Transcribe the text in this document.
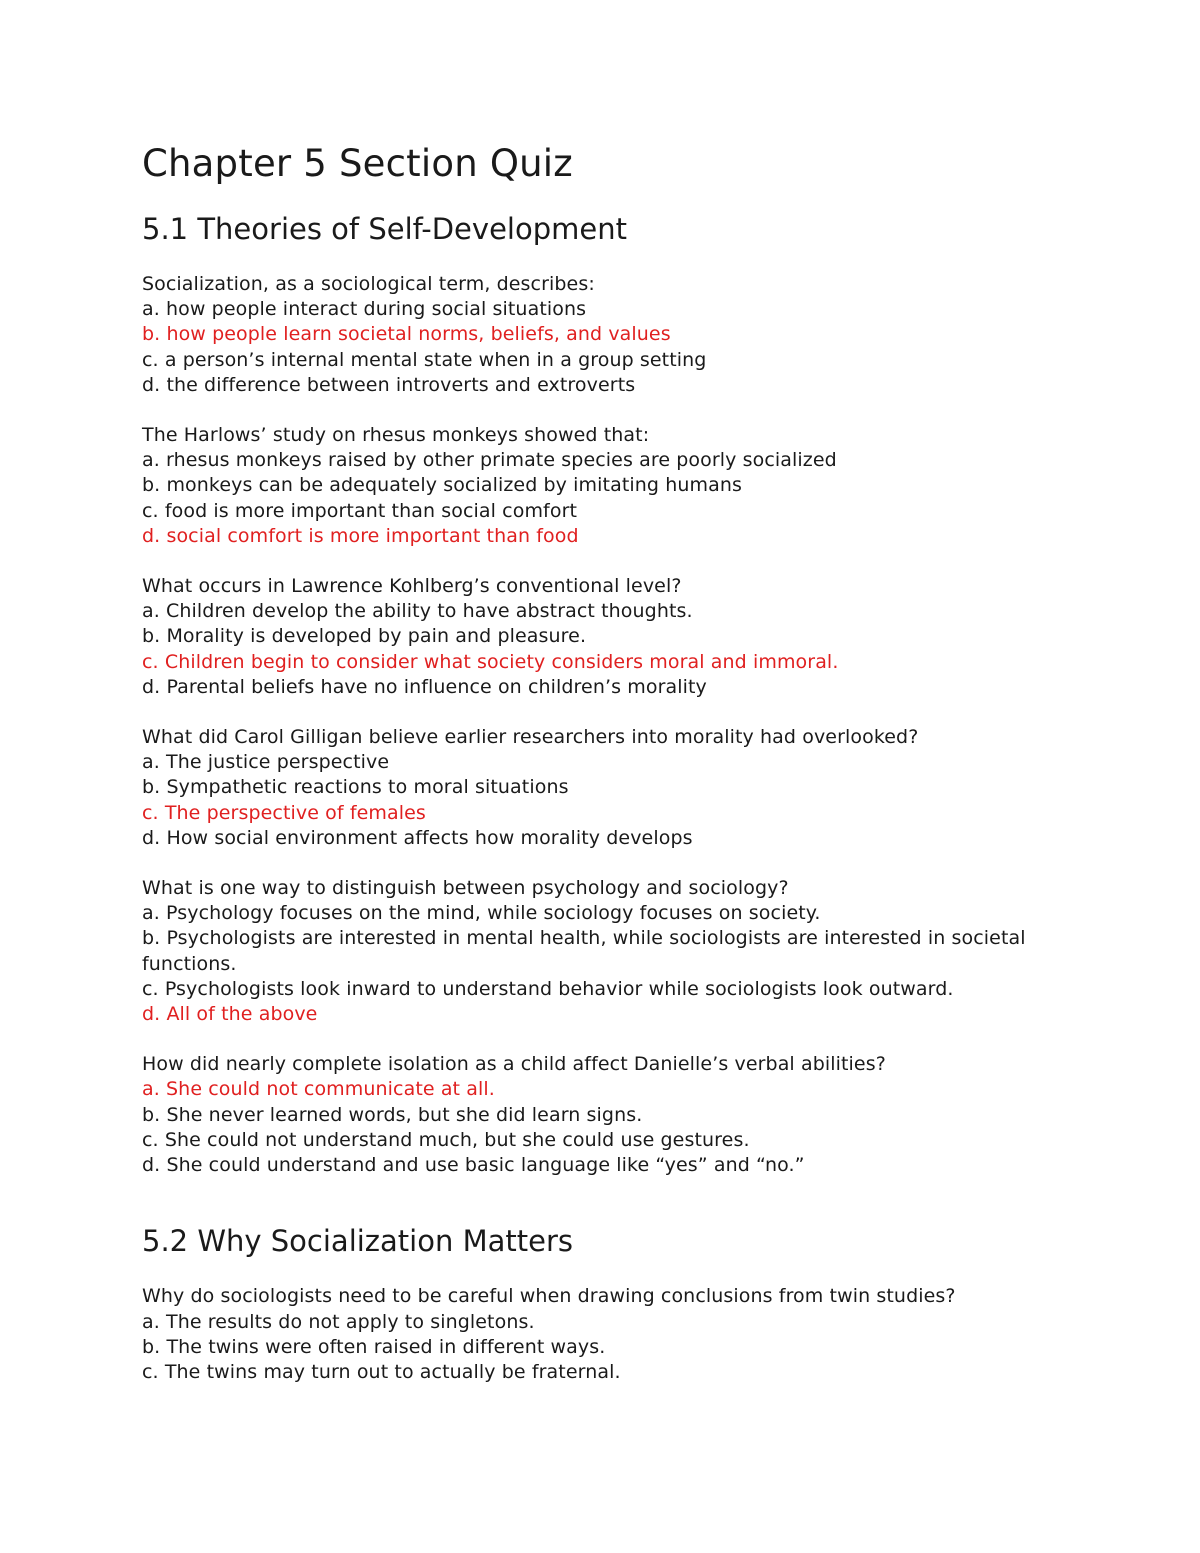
Chapter 5 Section Quiz
5.1 Theories of Self-Development
Socialization, as a sociological term, describes:
a. how people interact during social situations
b. how people learn societal norms, beliefs, and values
c. a person’s internal mental state when in a group setting
d. the difference between introverts and extroverts
The Harlows’ study on rhesus monkeys showed that:
a. rhesus monkeys raised by other primate species are poorly socialized
b. monkeys can be adequately socialized by imitating humans
c. food is more important than social comfort
d. social comfort is more important than food
What occurs in Lawrence Kohlberg’s conventional level?
a. Children develop the ability to have abstract thoughts.
b. Morality is developed by pain and pleasure.
c. Children begin to consider what society considers moral and immoral.
d. Parental beliefs have no influence on children’s morality
What did Carol Gilligan believe earlier researchers into morality had overlooked?
a. The justice perspective
b. Sympathetic reactions to moral situations
c. The perspective of females
d. How social environment affects how morality develops
What is one way to distinguish between psychology and sociology?
a. Psychology focuses on the mind, while sociology focuses on society.
b. Psychologists are interested in mental health, while sociologists are interested in societal functions.
c. Psychologists look inward to understand behavior while sociologists look outward.
d. All of the above
How did nearly complete isolation as a child affect Danielle’s verbal abilities?
a. She could not communicate at all.
b. She never learned words, but she did learn signs.
c. She could not understand much, but she could use gestures.
d. She could understand and use basic language like “yes” and “no.”
5.2 Why Socialization Matters
Why do sociologists need to be careful when drawing conclusions from twin studies?
a. The results do not apply to singletons.
b. The twins were often raised in different ways.
c. The twins may turn out to actually be fraternal.
